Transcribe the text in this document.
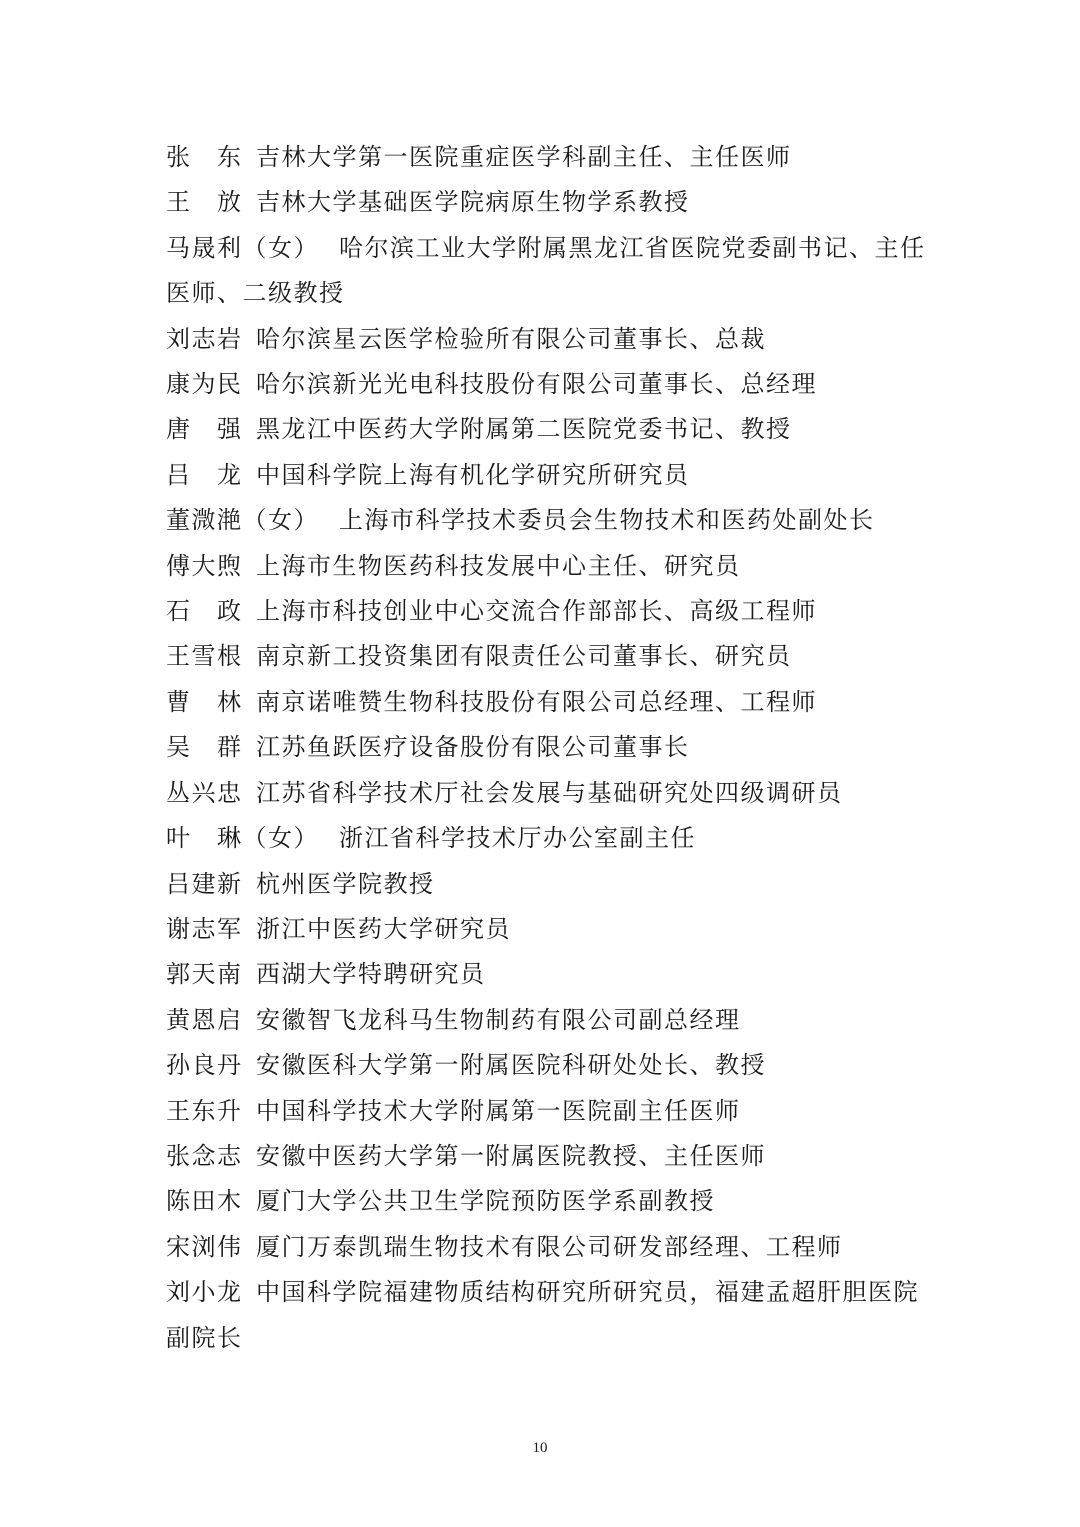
张　东 吉林大学第一医院重症医学科副主任、主任医师
王　放 吉林大学基础医学院病原生物学系教授
马晟利（女） 哈尔滨工业大学附属黑龙江省医院党委副书记、主任医师、二级教授
刘志岩 哈尔滨星云医学检验所有限公司董事长、总裁
康为民 哈尔滨新光光电科技股份有限公司董事长、总经理
唐　强 黑龙江中医药大学附属第二医院党委书记、教授
吕　龙 中国科学院上海有机化学研究所研究员
董溦滟（女） 上海市科学技术委员会生物技术和医药处副处长
傅大煦 上海市生物医药科技发展中心主任、研究员
石　政 上海市科技创业中心交流合作部部长、高级工程师
王雪根 南京新工投资集团有限责任公司董事长、研究员
曹　林 南京诺唯赞生物科技股份有限公司总经理、工程师
吴　群 江苏鱼跃医疗设备股份有限公司董事长
丛兴忠 江苏省科学技术厅社会发展与基础研究处四级调研员
叶　琳（女） 浙江省科学技术厅办公室副主任
吕建新 杭州医学院教授
谢志军 浙江中医药大学研究员
郭天南 西湖大学特聘研究员
黄恩启 安徽智飞龙科马生物制药有限公司副总经理
孙良丹 安徽医科大学第一附属医院科研处处长、教授
王东升 中国科学技术大学附属第一医院副主任医师
张念志 安徽中医药大学第一附属医院教授、主任医师
陈田木 厦门大学公共卫生学院预防医学系副教授
宋浏伟 厦门万泰凯瑞生物技术有限公司研发部经理、工程师
刘小龙 中国科学院福建物质结构研究所研究员，福建孟超肝胆医院副院长
10
